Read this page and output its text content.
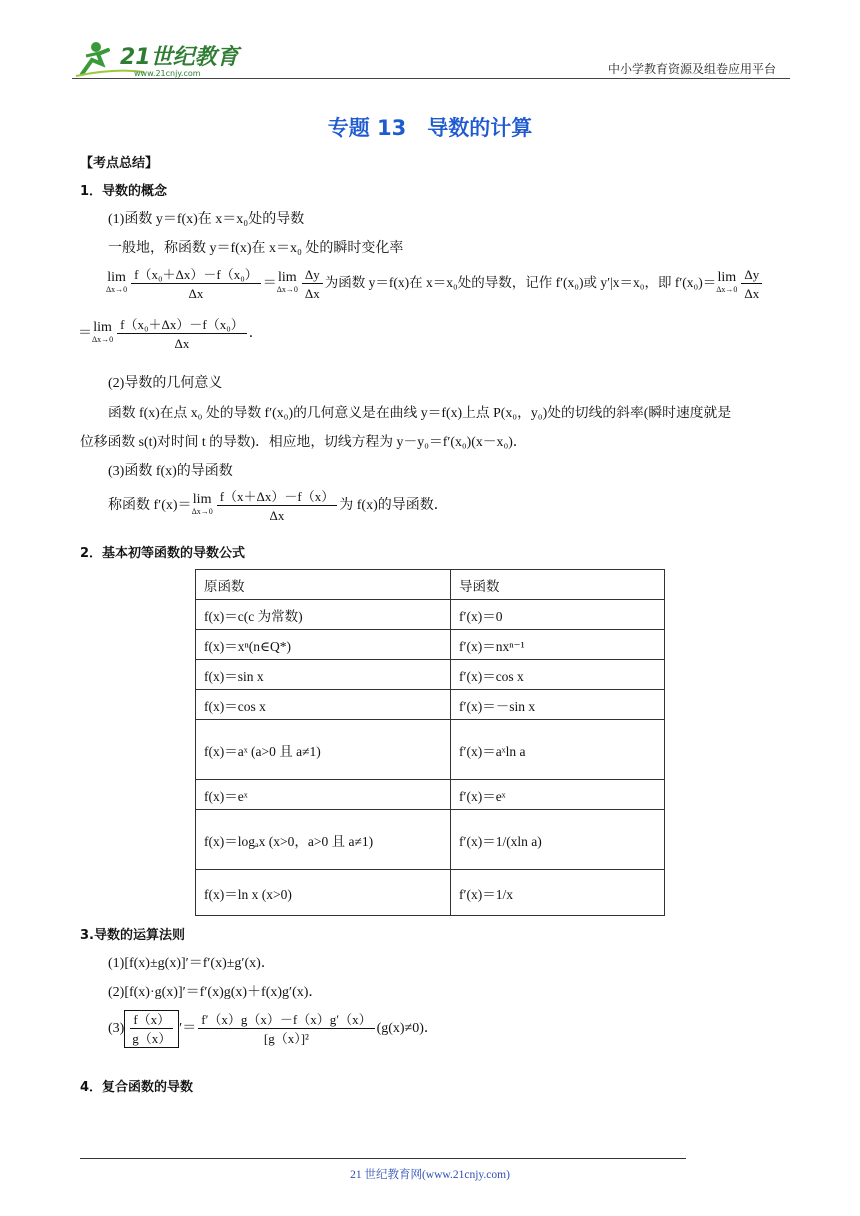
21世纪教育
www.21cnjy.com	中小学教育资源及组卷应用平台
专题 13　导数的计算
【考点总结】
1．导数的概念
(1)函数 y＝f(x)在 x＝x₀处的导数
一般地，称函数 y＝f(x)在 x＝x₀ 处的瞬时变化率
lim
$\Delta x\to 0 \frac{\text{f（x₀＋Δx）－f（x₀）}}{\Delta x} = \lim$
$\Delta x\to 0 \frac{\Delta y}{\Delta x}$ 为函数 y＝f(x)在 x＝x₀处的导数，记作 f′(x₀)或 y′|x＝x₀，即 f′(x₀)＝ lim
$\Delta x\to 0 \frac{\Delta y}{\Delta x}$
＝ lim
$\Delta x\to 0 \frac{\text{f（x₀＋Δx）－f（x₀）}}{\Delta x}$ ．
(2)导数的几何意义
函数 f(x)在点 x₀ 处的导数 f′(x₀)的几何意义是在曲线 y＝f(x)上点 P(x₀，y₀)处的切线的斜率(瞬时速度就是
位移函数 s(t)对时间 t 的导数)．相应地，切线方程为 y－y₀＝f′(x₀)(x－x₀)．
(3)函数 f(x)的导函数
称函数 f′(x)＝ lim
$\Delta x\to 0 \frac{f(x+\Delta x)-f(x)}{\Delta x}$ 为 f(x)的导函数．
2．基本初等函数的导数公式
原函数	导函数
f(x)＝c(c 为常数)	f′(x)＝0
f(x)＝xⁿ(n∈Q*)	f′(x)＝nxⁿ⁻¹
f(x)＝sin x	f′(x)＝cos x
f(x)＝cos x	f′(x)＝－sin x
f(x)＝aˣ (a>0 且 a≠1)	f′(x)＝aˣln a
f(x)＝eˣ	f′(x)＝eˣ
f(x)＝logₐx (x>0，a>0 且 a≠1)	f′(x)＝1/(xln a)
f(x)＝ln x (x>0)	f′(x)＝1/x
3.导数的运算法则
(1)[f(x)±g(x)]′＝f′(x)±g′(x)．
(2)[f(x)·g(x)]′＝f′(x)g(x)＋f(x)g′(x)．
$(3) \frac{f(x)}{g(x)}$ ′＝ $\frac{f'(x)g(x)-f(x)g'(x)}{\text{[g（x）]²}} (g(x)\ne 0)$．
4．复合函数的导数
21 世纪教育网(www.21cnjy.com)
